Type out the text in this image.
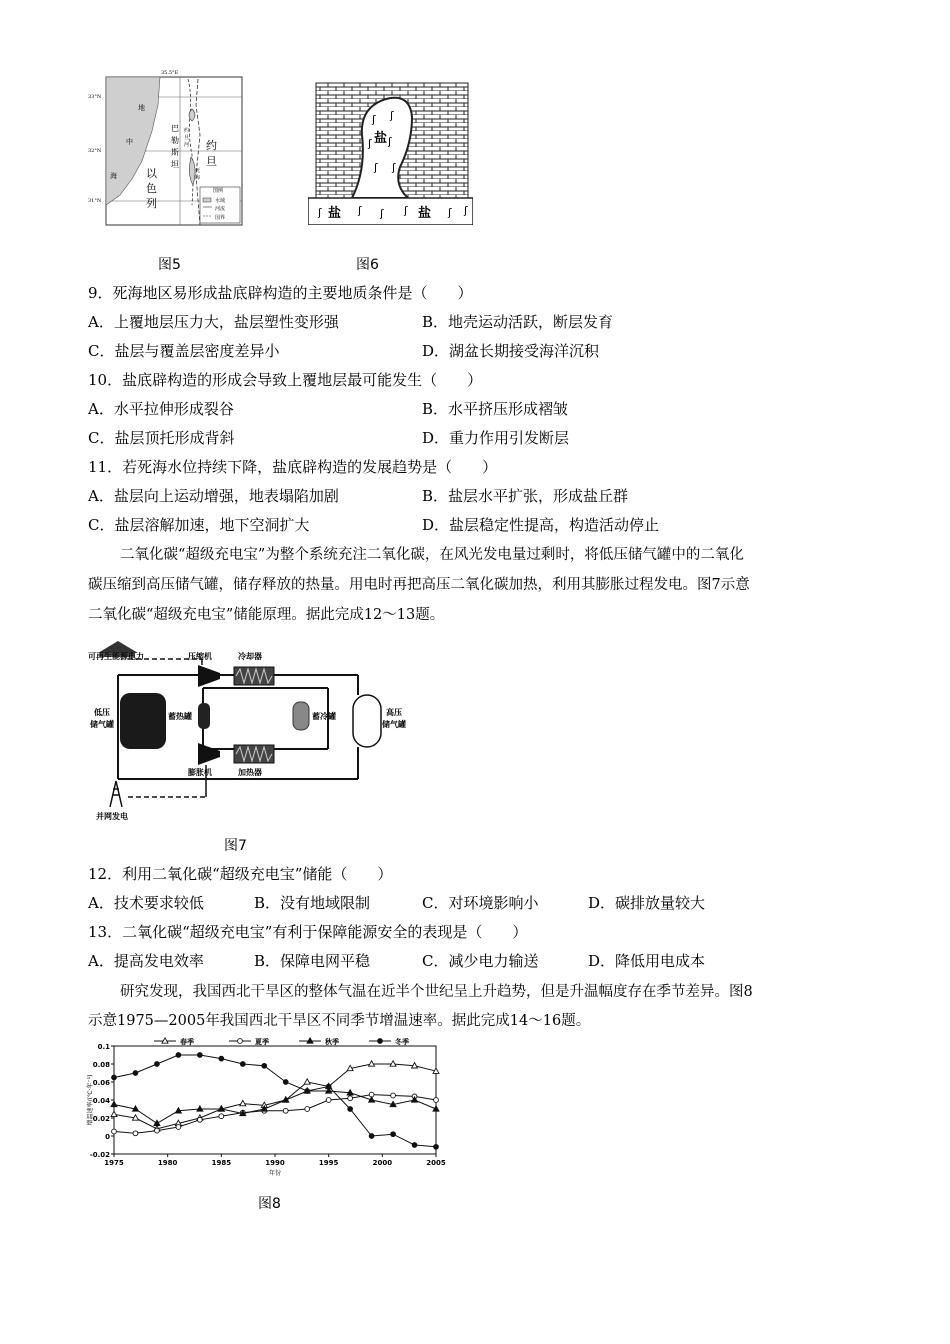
35.5°E
33°N
32°N
31°N
地
中
海	以
色
列
巴
勒
斯
坦
约
旦
约
旦
河
死
海
图例
水域
河流
国界
图5
ʃ ʃ
ʃ ʃ
ʃ ʃ
ʃ	ʃ ʃ ʃ	ʃ ʃ
盐
盐	盐
图6
9．死海地区易形成盐底辟构造的主要地质条件是（　　）
A．上覆地层压力大，盐层塑性变形强	B．地壳运动活跃，断层发育
C．盐层与覆盖层密度差异小	D．湖盆长期接受海洋沉积
10．盐底辟构造的形成会导致上覆地层最可能发生（　　）
A．水平拉伸形成裂谷	B．水平挤压形成褶皱
C．盐层顶托形成背斜	D．重力作用引发断层
11．若死海水位持续下降，盐底辟构造的发展趋势是（　　）
A．盐层向上运动增强，地表塌陷加剧	B．盐层水平扩张，形成盐丘群
C．盐层溶解加速，地下空洞扩大	D．盐层稳定性提高，构造活动停止
二氧化碳“超级充电宝”为整个系统充注二氧化碳，在风光发电量过剩时，将低压储气罐中的二氧化
碳压缩到高压储气罐，储存释放的热量。用电时再把高压二氧化碳加热，利用其膨胀过程发电。图7示意
二氧化碳“超级充电宝”储能原理。据此完成12～13题。
可再生能源电力	压缩机	冷却器
低压
储气罐
蓄热罐	蓄冷罐	高压
储气罐
膨胀机	加热器
并网发电
图7
12．利用二氧化碳“超级充电宝”储能（　　）
A．技术要求较低	B．没有地域限制	C．对环境影响小	D．碳排放量较大
13．二氧化碳“超级充电宝”有利于保障能源安全的表现是（　　）
A．提高发电效率	B．保障电网平稳	C．减少电力输送	D．降低用电成本
研究发现，我国西北干旱区的整体气温在近半个世纪呈上升趋势，但是升温幅度存在季节差异。图8
示意1975—2005年我国西北干旱区不同季节增温速率。据此完成14～16题。
-0.02
0
0.02
0.04
0.06
0.08
0.1
1975	1980	1985	1990	1995	2000	2005
年份
增温速率/(℃·年⁻¹)
春季	夏季	秋季	冬季
图8
